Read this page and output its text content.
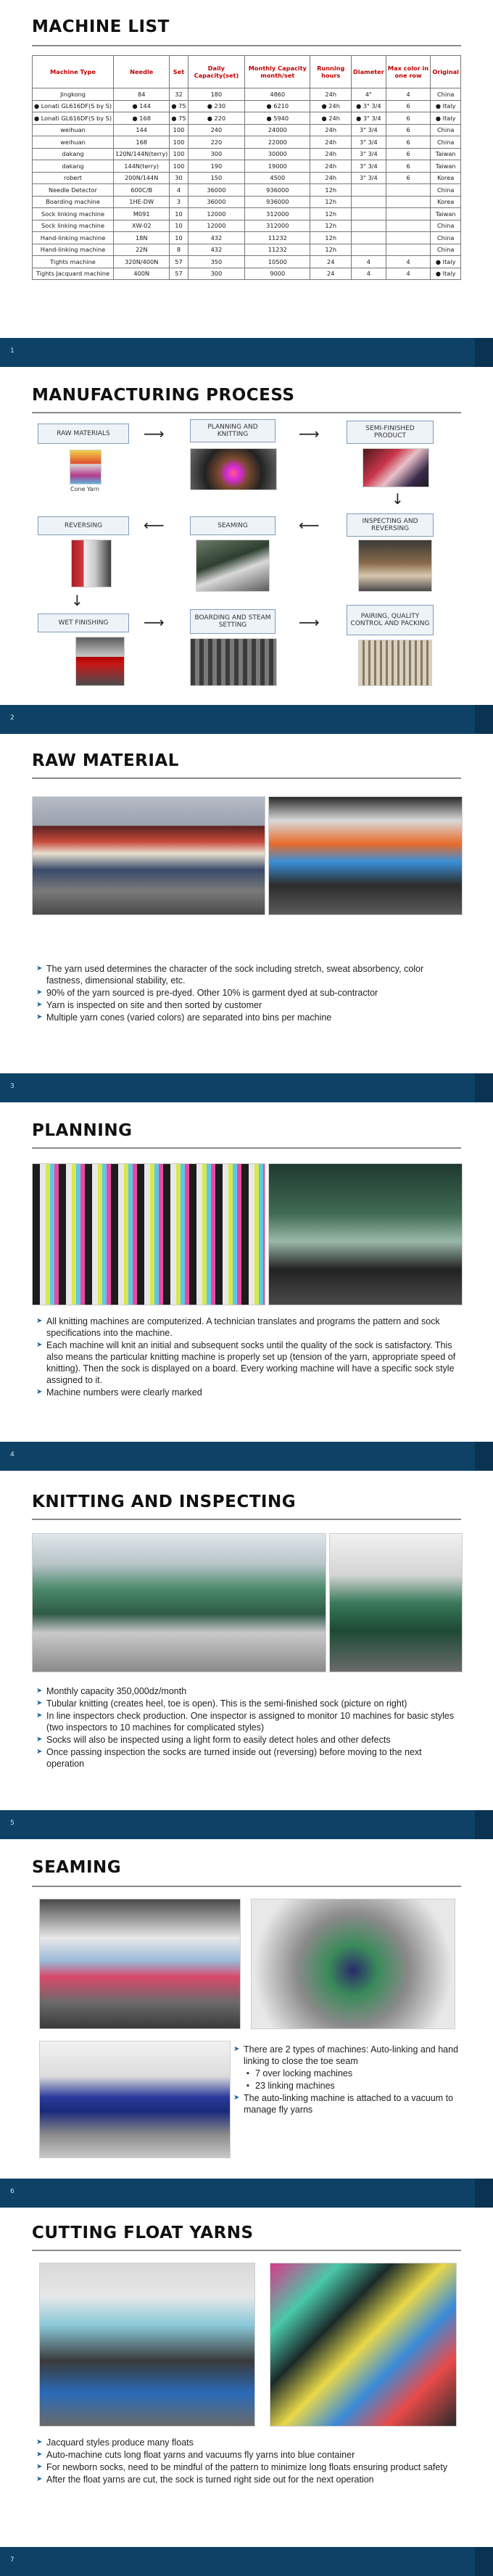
MACHINE LIST
Machine Type	Needle	Set	Daily Capacity(set)	Monthly Capacity month/set	Running hours	Diameter	Max color in one row	Original
Jingkong	84	32	180	4860	24h	4"	4	China
● Lonati GL616DF(S by S)	● 144	● 75	● 230	● 6210	● 24h	● 3" 3/4	6	● Italy
● Lonati GL616DF(S by S)	● 168	● 75	● 220	● 5940	● 24h	● 3" 3/4	6	● Italy
weihuan	144	100	240	24000	24h	3" 3/4	6	China
weihuan	168	100	220	22000	24h	3" 3/4	6	China
dakang	120N/144N(terry)	100	300	30000	24h	3" 3/4	6	Taiwan
dakang	144N(terry)	100	190	19000	24h	3" 3/4	6	Taiwan
robert	200N/144N	30	150	4500	24h	3" 3/4	6	Korea
Needle Detector	600C/B	4	36000	936000	12h			China
Boarding machine	1HE-DW	3	36000	936000	12h			Korea
Sock linking machine	M091	10	12000	312000	12h			Taiwan
Sock linking machine	XW-02	10	12000	312000	12h			China
Hand-linking machine	18N	10	432	11232	12h			China
Hand-linking machine	22N	8	432	11232	12h			China
Tights machine	320N/400N	57	350	10500	24	4	4	● Italy
Tights Jacquard machine	400N	57	300	9000	24	4	4	● Italy
1
MANUFACTURING PROCESS
RAW MATERIALS	⟶	PLANNING AND KNITTING	⟶	SEMI-FINISHED PRODUCT
Cone Yarn
↓
REVERSING	⟵	SEAMING	⟵	INSPECTING AND REVERSING
↓
WET FINISHING	⟶	BOARDING AND STEAM SETTING	⟶	PAIRING, QUALITY CONTROL AND PACKING
2
RAW MATERIAL
➤ The yarn used determines the character of the sock including stretch, sweat absorbency, color fastness, dimensional stability, etc.
➤ 90% of the yarn sourced is pre-dyed. Other 10% is garment dyed at sub-contractor
➤ Yarn is inspected on site and then sorted by customer
➤ Multiple yarn cones (varied colors) are separated into bins per machine
3
PLANNING
➤ All knitting machines are computerized. A technician translates and programs the pattern and sock specifications into the machine.
➤ Each machine will knit an initial and subsequent socks until the quality of the sock is satisfactory. This also means the particular knitting machine is properly set up (tension of the yarn, appropriate speed of knitting). Then the sock is displayed on a board. Every working machine will have a specific sock style assigned to it.
➤ Machine numbers were clearly marked
4
KNITTING AND INSPECTING
➤ Monthly capacity 350,000dz/month
➤ Tubular knitting (creates heel, toe is open). This is the semi-finished sock (picture on right)
➤ In line inspectors check production. One inspector is assigned to monitor 10 machines for basic styles (two inspectors to 10 machines for complicated styles)
➤ Socks will also be inspected using a light form to easily detect holes and other defects
➤ Once passing inspection the socks are turned inside out (reversing) before moving to the next operation
5
SEAMING
➤ There are 2 types of machines: Auto-linking and hand linking to close the toe seam
▪ 7 over locking machines
▪ 23 linking machines
➤ The auto-linking machine is attached to a vacuum to manage fly yarns
6
CUTTING FLOAT YARNS
➤ Jacquard styles produce many floats
➤ Auto-machine cuts long float yarns and vacuums fly yarns into blue container
➤ For newborn socks, need to be mindful of the pattern to minimize long floats ensuring product safety
➤ After the float yarns are cut, the sock is turned right side out for the next operation
7
